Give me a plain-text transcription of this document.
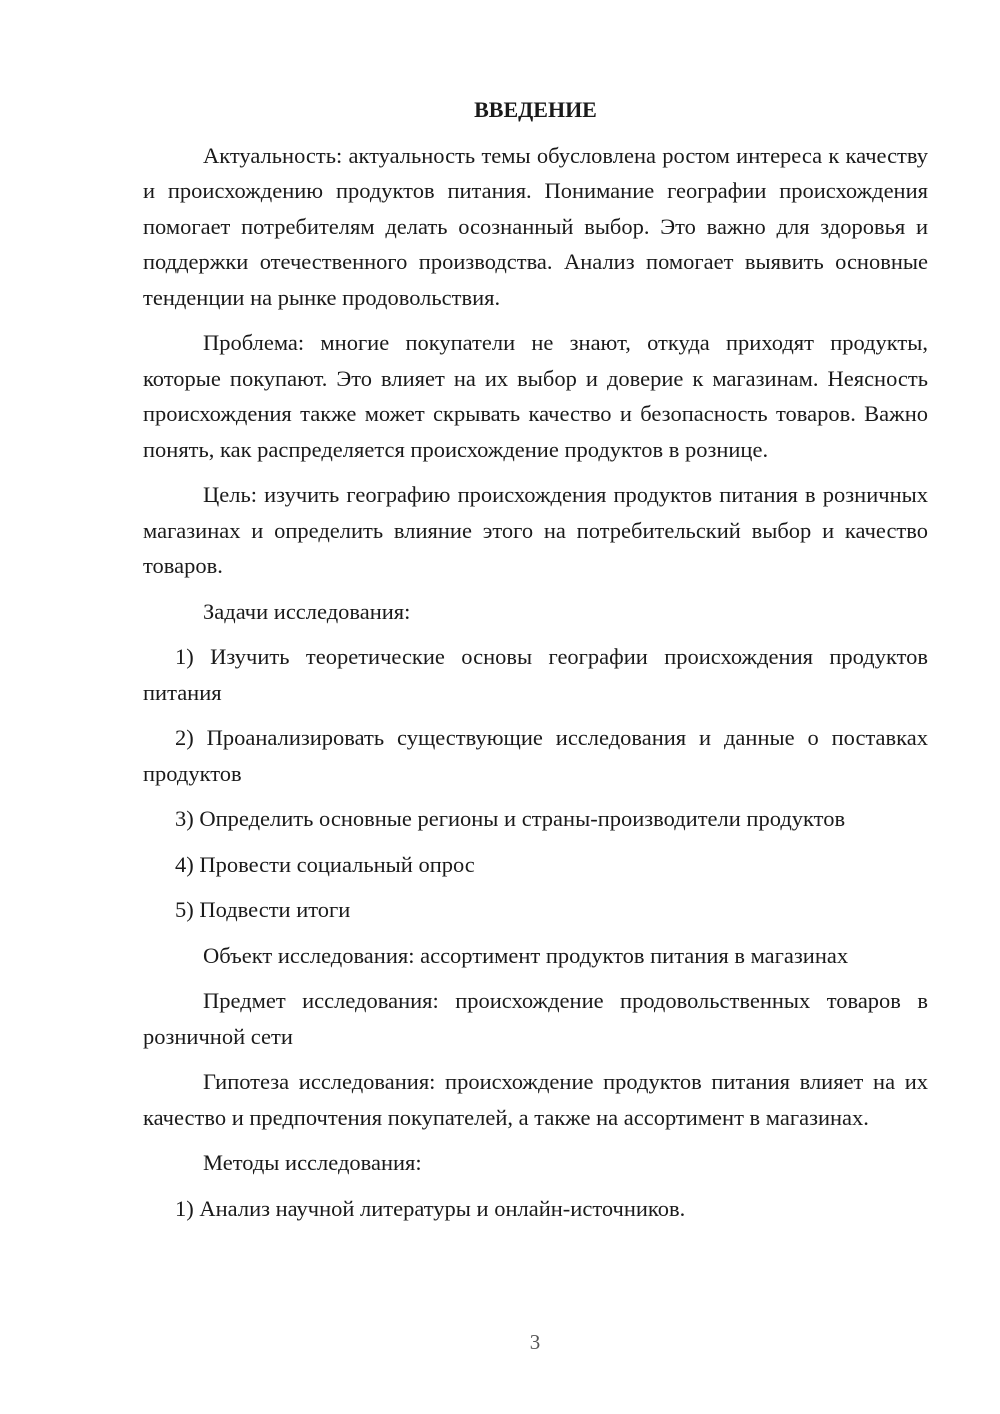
ВВЕДЕНИЕ

Актуальность: актуальность темы обусловлена ростом интереса к качеству и происхождению продуктов питания. Понимание географии происхождения помогает потребителям делать осознанный выбор. Это важно для здоровья и поддержки отечественного производства. Анализ помогает выявить основные тенденции на рынке продовольствия.

Проблема: многие покупатели не знают, откуда приходят продукты, которые покупают. Это влияет на их выбор и доверие к магазинам. Неясность происхождения также может скрывать качество и безопасность товаров. Важно понять, как распределяется происхождение продуктов в рознице.

Цель: изучить географию происхождения продуктов питания в розничных магазинах и определить влияние этого на потребительский выбор и качество товаров.

Задачи исследования:

1) Изучить теоретические основы географии происхождения продуктов питания

2) Проанализировать существующие исследования и данные о поставках продуктов

3) Определить основные регионы и страны-производители продуктов

4) Провести социальный опрос

5) Подвести итоги

Объект исследования: ассортимент продуктов питания в магазинах

Предмет исследования: происхождение продовольственных товаров в розничной сети

Гипотеза исследования: происхождение продуктов питания влияет на их качество и предпочтения покупателей, а также на ассортимент в магазинах.

Методы исследования:

1) Анализ научной литературы и онлайн-источников.

3
